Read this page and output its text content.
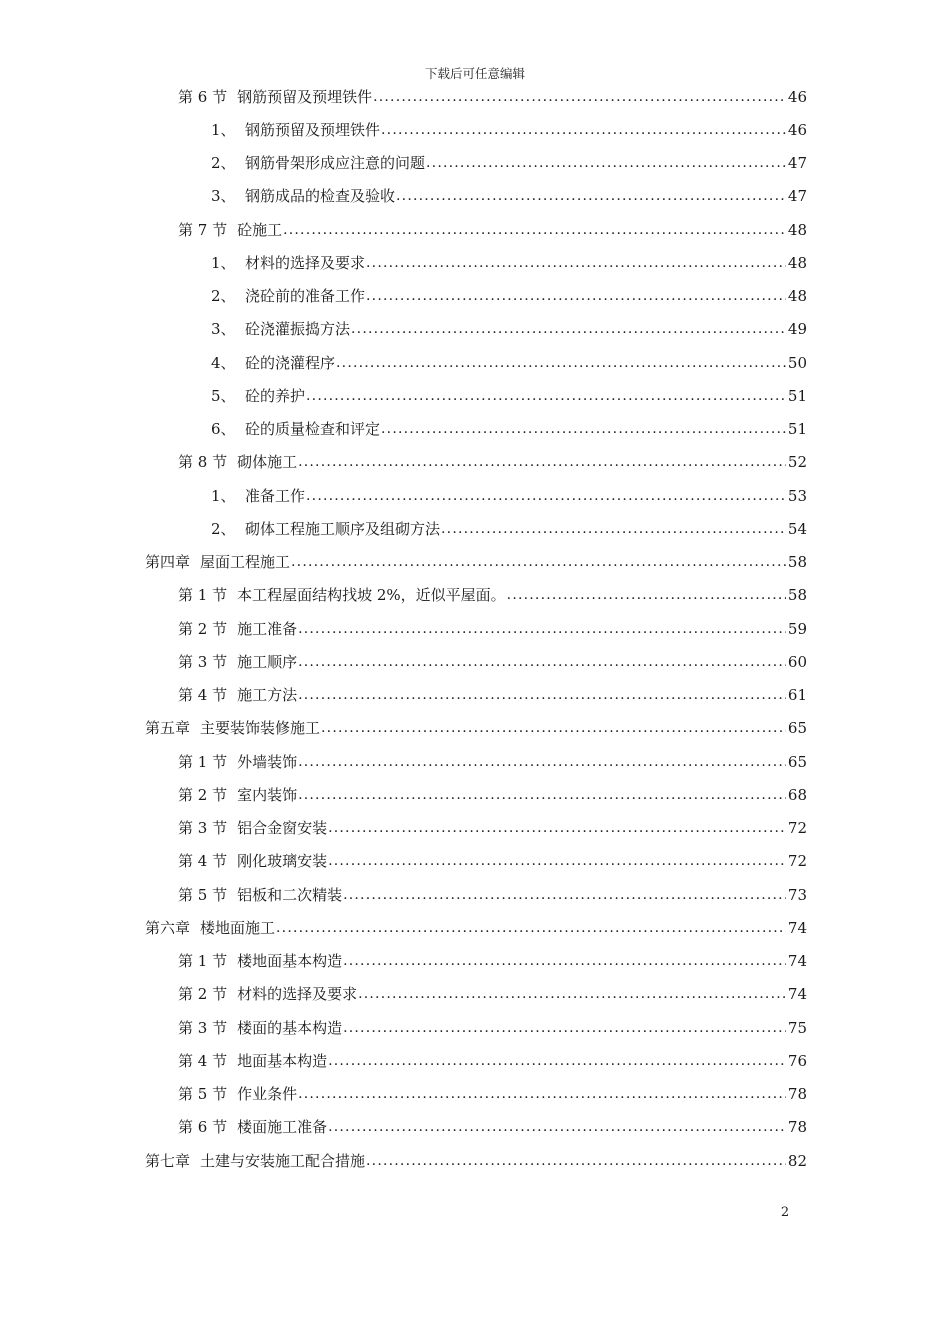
下载后可任意编辑
第 6 节 钢筋预留及预埋铁件 .....	46
1、 钢筋预留及预埋铁件 .....	46
2、 钢筋骨架形成应注意的问题 .....	47
3、 钢筋成品的检查及验收 .....	47
第 7 节 砼施工 .....	48
1、 材料的选择及要求 .....	48
2、 浇砼前的准备工作 .....	48
3、 砼浇灌振捣方法 .....	49
4、 砼的浇灌程序 .....	50
5、 砼的养护 .....	51
6、 砼的质量检查和评定 .....	51
第 8 节 砌体施工 .....	52
1、 准备工作 .....	53
2、 砌体工程施工顺序及组砌方法 .....	54
第四章 屋面工程施工 .....	58
第 1 节 本工程屋面结构找坡 2%，近似平屋面。 .....	58
第 2 节 施工准备 .....	59
第 3 节 施工顺序 .....	60
第 4 节 施工方法 .....	61
第五章 主要装饰装修施工 .....	65
第 1 节 外墙装饰 .....	65
第 2 节 室内装饰 .....	68
第 3 节 铝合金窗安装 .....	72
第 4 节 刚化玻璃安装 .....	72
第 5 节 铝板和二次精装 .....	73
第六章 楼地面施工 .....	74
第 1 节 楼地面基本构造 .....	74
第 2 节 材料的选择及要求 .....	74
第 3 节 楼面的基本构造 .....	75
第 4 节 地面基本构造 .....	76
第 5 节 作业条件 .....	78
第 6 节 楼面施工准备 .....	78
第七章 土建与安装施工配合措施 .....	82
2
